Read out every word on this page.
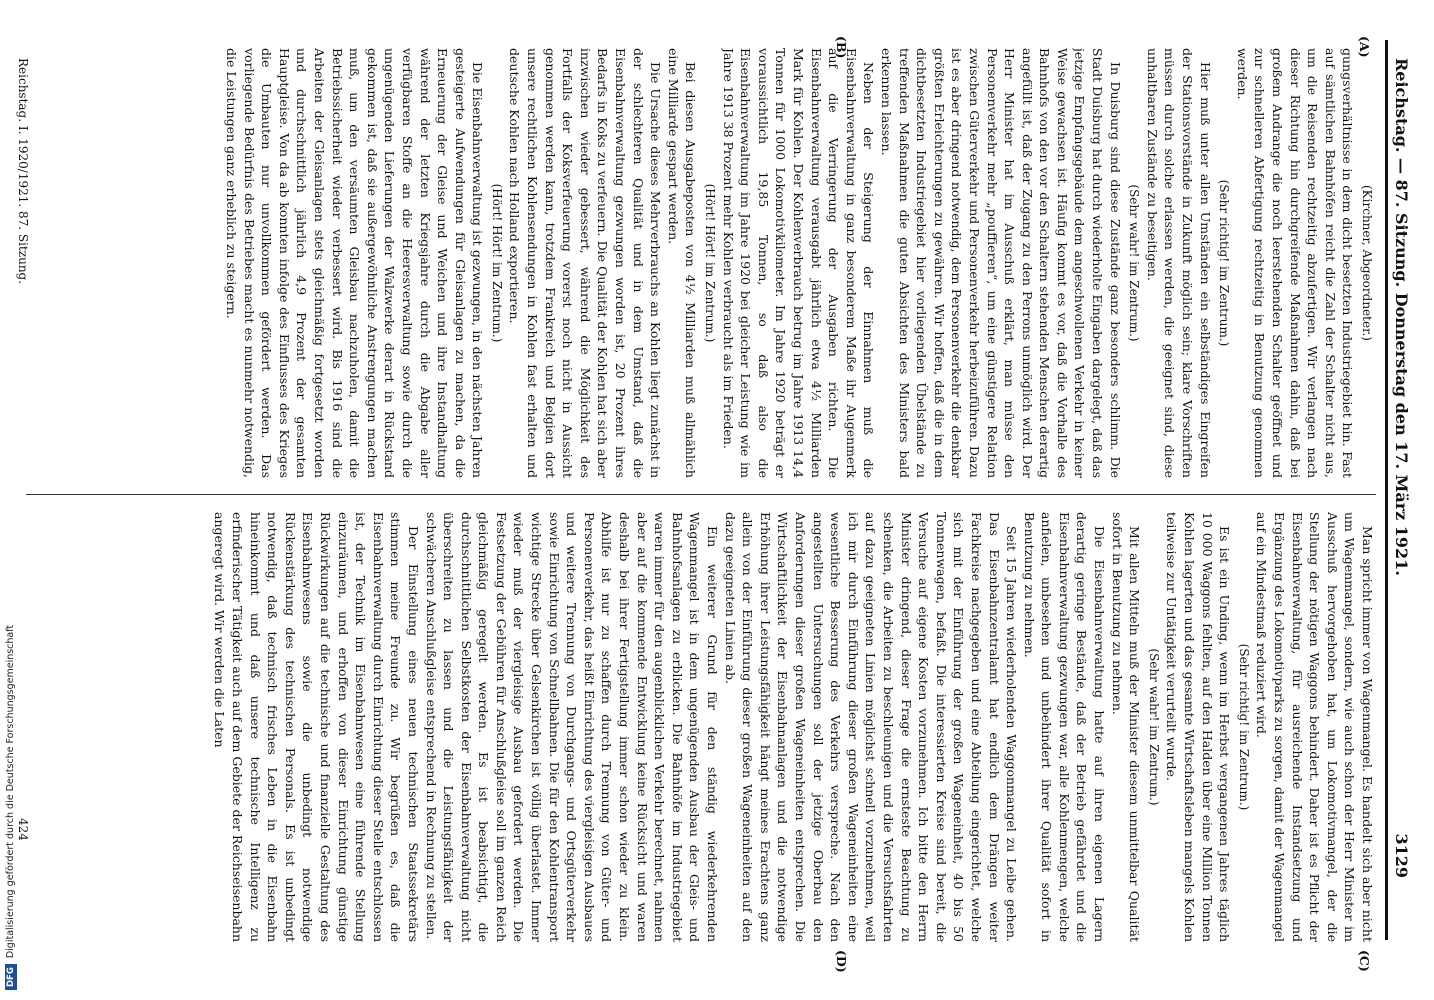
Reichstag. — 87. Sitzung. Donnerstag den 17. März 1921.
3129
(A)
(B)
(C)
(D)

(Kirchner, Abgeordneter.)

gungsverhältnisse in dem dicht besetzten Industriegebiet hin. Fast auf sämtlichen Bahnhöfen reicht die Zahl der Schalter nicht aus, um die Reisenden rechtzeitig abzufertigen. Wir verlangen nach dieser Richtung hin durchgreifende Maßnahmen dahin, daß bei großem Andrange die noch leerstehenden Schalter geöffnet und zur schnelleren Abfertigung rechtzeitig in Benutzung genommen werden.

(Sehr richtig! im Zentrum.)

Hier muß unter allen Umständen ein selbständiges Eingreifen der Stationsvorstände in Zukunft möglich sein; klare Vorschriften müssen durch solche erlassen werden, die geeignet sind, diese unhaltbaren Zustände zu beseitigen.

(Sehr wahr! im Zentrum.)

In Duisburg sind diese Zustände ganz besonders schlimm. Die Stadt Duisburg hat durch wiederholte Eingaben dargelegt, daß das jetzige Empfangsgebäude dem angeschwollenen Verkehr in keiner Weise gewachsen ist. Häufig kommt es vor, daß die Vorhalle des Bahnhofs von den vor den Schaltern stehenden Menschen derartig angefüllt ist, daß der Zugang zu den Perrons unmöglich wird. Der Herr Minister hat im Ausschuß erklärt, man müsse den Personenverkehr mehr „pouffieren“, um eine günstigere Relation zwischen Güterverkehr und Personenverkehr herbeizuführen. Dazu ist es aber dringend notwendig, dem Personenverkehr die denkbar größten Erleichterungen zu gewähren. Wir hoffen, daß die in dem dichtbesetzten Industriegebiet hier vorliegenden Übelstände zu treffenden Maßnahmen die guten Absichten des Ministers bald erkennen lassen.

Neben der Steigerung der Einnahmen muß die Eisenbahnverwaltung in ganz besonderem Maße ihr Augenmerk auf die Verringerung der Ausgaben richten. Die Eisenbahnverwaltung verausgabt jährlich etwa 4½ Milliarden Mark für Kohlen. Der Kohlenverbrauch betrug im Jahre 1913 14,4 Tonnen für 1000 Lokomotivkilometer. Im Jahre 1920 beträgt er voraussichtlich 19,85 Tonnen, so daß also die Eisenbahnverwaltung im Jahre 1920 bei gleicher Leistung wie im Jahre 1913 38 Prozent mehr Kohlen verbraucht als im Frieden.

(Hört! Hört! im Zentrum.)

Bei diesen Ausgabeposten von 4½ Milliarden muß allmählich eine Milliarde gespart werden.

Die Ursache dieses Mehrverbrauchs an Kohlen liegt zunächst in der schlechteren Qualität und in dem Umstand, daß die Eisenbahnverwaltung gezwungen worden ist, 20 Prozent ihres Bedarfs in Koks zu verfeuern. Die Qualität der Kohlen hat sich aber inzwischen wieder gebessert, während die Möglichkeit des Fortfalls der Koksverfeuerung vorerst noch nicht in Aussicht genommen werden kann, trotzdem Frankreich und Belgien dort unsere rechtlichen Kohlensendungen in Kohlen fast erhalten und deutsche Kohlen nach Holland exportieren.

(Hört! Hört! im Zentrum.)

Die Eisenbahnverwaltung ist gezwungen, in den nächsten Jahren gesteigerte Aufwendungen für Gleisanlagen zu machen, da die Erneuerung der Gleise und Weichen und ihre Instandhaltung während der letzten Kriegsjahre durch die Abgabe aller verfügbaren Stoffe an die Heeresverwaltung sowie durch die ungenügenden Lieferungen der Walzwerke derart in Rückstand gekommen ist, daß sie außergewöhnliche Anstrengungen machen muß, um den versäumten Gleisbau nachzuholen, damit die Betriebssicherheit wieder verbessert wird. Bis 1916 sind die Arbeiten der Gleisanlagen stets gleichmäßig fortgesetzt worden und durchschnittlich jährlich 4,9 Prozent der gesamten Hauptgleise. Von da ab konnten infolge des Einflusses des Krieges die Umbauten nur unvollkommen gefördert werden. Das vorliegende Bedürfnis des Betriebes macht es nunmehr notwendig, die Leistungen ganz erheblich zu steigern.

Man spricht immer von Wagenmangel. Es handelt sich aber nicht um Wagenmangel, sondern, wie auch schon der Herr Minister im Ausschuß hervorgehoben hat, um Lokomotivmangel, der die Stellung der nötigen Waggons behindert. Daher ist es Pflicht der Eisenbahnverwaltung, für ausreichende Instandsetzung und Ergänzung des Lokomotivparks zu sorgen, damit der Wagenmangel auf ein Mindestmaß reduziert wird.

(Sehr richtig! im Zentrum.)

Es ist ein Unding, wenn im Herbst vergangenen Jahres täglich 10 000 Waggons fehlten, auf den Halden über eine Million Tonnen Kohlen lagerten und das gesamte Wirtschaftsleben mangels Kohlen teilweise zur Untätigkeit verurteilt wurde.

(Sehr wahr! im Zentrum.)

Mit allen Mitteln muß der Minister diesem unmittelbar Qualität sofort in Benutzung zu nehmen.

Die Eisenbahnverwaltung hatte auf ihren eigenen Lagern derartig geringe Bestände, daß der Betrieb gefährdet und die Eisenbahnverwaltung gezwungen war, alle Kohlenmengen, welche anfielen, unbesehen und unbehindert ihrer Qualität sofort in Benutzung zu nehmen.

Seit 15 Jahren wiederholenden Waggonmangel zu Leibe gehen. Das Eisenbahnzentralamt hat endlich dem Drängen weiter Fachkreise nachgegeben und eine Abteilung eingerichtet, welche sich mit der Einführung der großen Wageneinheit, 40 bis 50 Tonnenwagen, befaßt. Die interessierten Kreise sind bereit, die Versuche auf eigene Kosten vorzunehmen. Ich bitte den Herrn Minister dringend, dieser Frage die ernsteste Beachtung zu schenken, die Arbeiten zu beschleunigen und die Versuchsfahrten auf dazu geeigneten Linien möglichst schnell vorzunehmen, weil ich mir durch Einführung dieser großen Wageneinheiten eine wesentliche Besserung des Verkehrs verspreche. Nach den angestellten Untersuchungen soll der jetzige Oberbau den Anforderungen dieser großen Wageneinheiten entsprechen. Die Wirtschaftlichkeit der Eisenbahnanlagen und die notwendige Erhöhung ihrer Leistungsfähigkeit hängt meines Erachtens ganz allein von der Einführung dieser großen Wageneinheiten auf den dazu geeigneten Linien ab.

Ein weiterer Grund für den ständig wiederkehrenden Wagenmangel ist in dem ungenügenden Ausbau der Gleis- und Bahnhofsanlagen zu erblicken. Die Bahnhöfe im Industriegebiet waren immer für den augenblicklichen Verkehr berechnet, nahmen aber auf die kommende Entwicklung keine Rücksicht und waren deshalb bei ihrer Fertigstellung immer schon wieder zu klein. Abhilfe ist nur zu schaffen durch Trennung von Güter- und Personenverkehr, das heißt Einrichtung des viergleisigen Ausbaues und weitere Trennung von Durchgangs- und Ortsgüterverkehr sowie Einrichtung von Schnellbahnen. Die für den Kohlentransport wichtige Strecke über Gelsenkirchen ist völlig überlastet. Immer wieder muß der viergleisige Ausbau gefordert werden. Die Festsetzung der Gebühren für Anschlußgleise soll im ganzen Reich gleichmäßig geregelt werden. Es ist beabsichtigt, die durchschnittlichen Selbstkosten der Eisenbahnverwaltung nicht überschreiten zu lassen und die Leistungsfähigkeit der schwächeren Anschlußgleise entsprechend in Rechnung zu stellen.

Der Einstellung eines neuen technischen Staatssekretärs stimmen meine Freunde zu. Wir begrüßen es, daß die Eisenbahnverwaltung durch Einrichtung dieser Stelle entschlossen ist, der Technik im Eisenbahnwesen eine führende Stellung einzuräumen, und erhoffen von dieser Einrichtung günstige Rückwirkungen auf die technische und finanzielle Gestaltung des Eisenbahnwesens sowie die unbedingt notwendige Rückenstärkung des technischen Personals. Es ist unbedingt notwendig, daß technisch frisches Leben in die Eisenbahn hineinkommt und daß unsere technische Intelligenz zu erfinderischer Tätigkeit auch auf dem Gebiete der Reichseisenbahn angeregt wird. Wir werden die Laten

Reichstag. I. 1920/1921. 87. Sitzung.
424
DFGDigitalisierung gefördert durch die Deutsche Forschungsgemeinschaft
